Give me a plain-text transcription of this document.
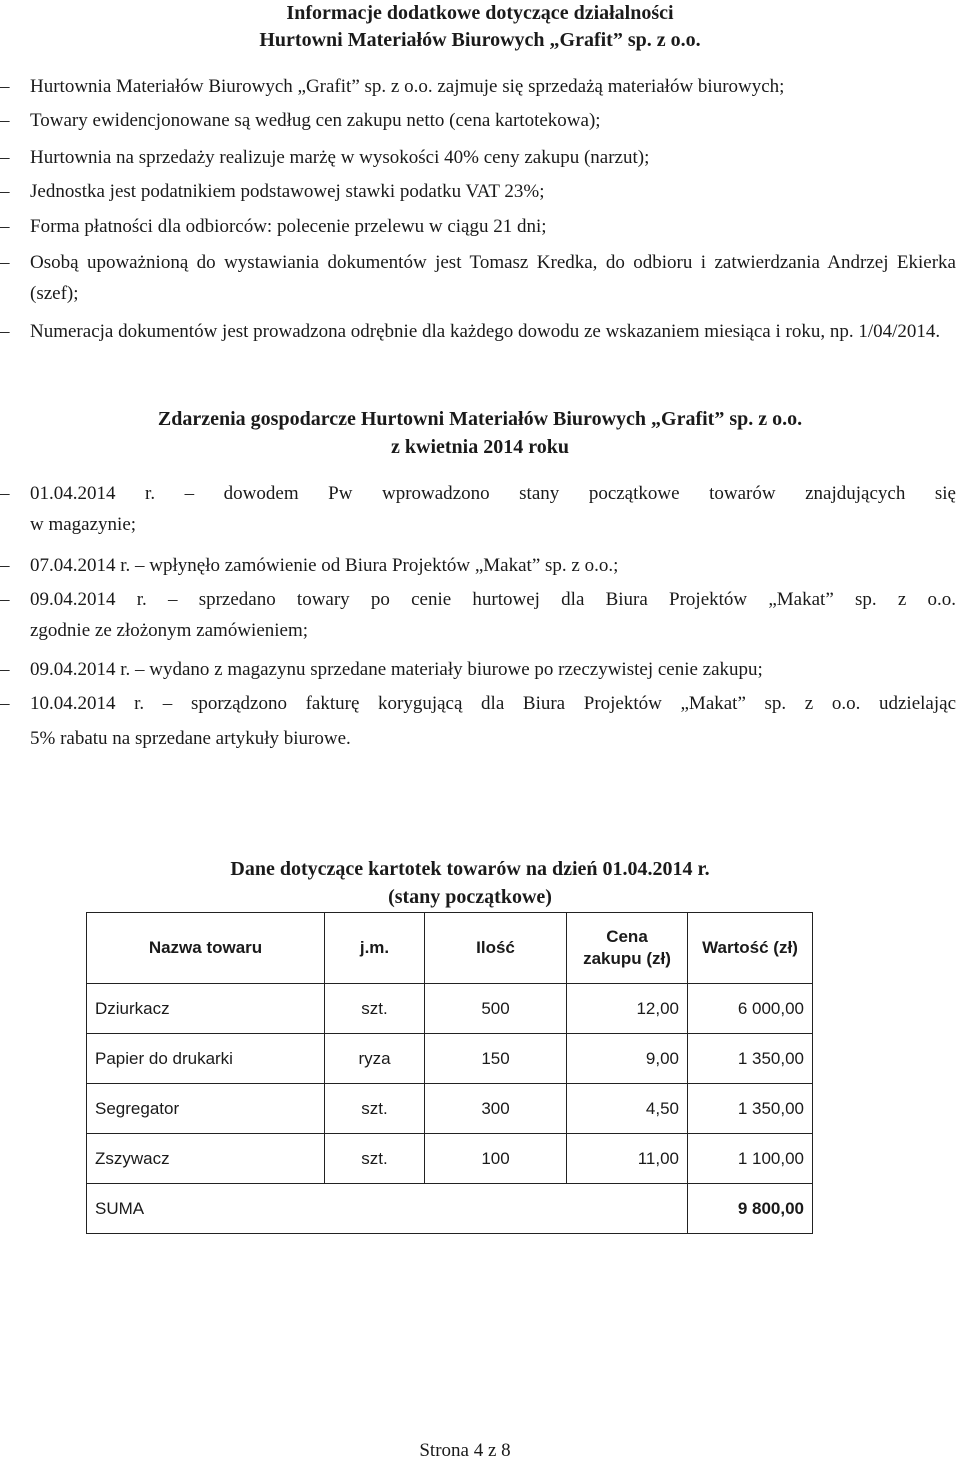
Informacje dodatkowe dotyczące działalności
Hurtowni Materiałów Biurowych „Grafit” sp. z o.o.
– Hurtownia Materiałów Biurowych „Grafit” sp. z o.o. zajmuje się sprzedażą materiałów biurowych;
– Towary ewidencjonowane są według cen zakupu netto (cena kartotekowa);
– Hurtownia na sprzedaży realizuje marżę w wysokości 40% ceny zakupu (narzut);
– Jednostka jest podatnikiem podstawowej stawki podatku VAT 23%;
– Forma płatności dla odbiorców: polecenie przelewu w ciągu 21 dni;
– Osobą upoważnioną do wystawiania dokumentów jest Tomasz Kredka, do odbioru i zatwierdzania Andrzej Ekierka (szef);
– Numeracja dokumentów jest prowadzona odrębnie dla każdego dowodu ze wskazaniem miesiąca i roku, np. 1/04/2014.
Zdarzenia gospodarcze Hurtowni Materiałów Biurowych „Grafit” sp. z o.o.
z kwietnia 2014 roku
– 01.04.2014 r. – dowodem Pw wprowadzono stany początkowe towarów znajdujących się
w magazynie;
– 07.04.2014 r. – wpłynęło zamówienie od Biura Projektów „Makat” sp. z o.o.;
– 09.04.2014 r. – sprzedano towary po cenie hurtowej dla Biura Projektów „Makat” sp. z o.o.
zgodnie ze złożonym zamówieniem;
– 09.04.2014 r. – wydano z magazynu sprzedane materiały biurowe po rzeczywistej cenie zakupu;
– 10.04.2014 r. – sporządzono fakturę korygującą dla Biura Projektów „Makat” sp. z o.o. udzielając
5% rabatu na sprzedane artykuły biurowe.
Dane dotyczące kartotek towarów na dzień 01.04.2014 r.
(stany początkowe)
Nazwa towaru	j.m.	Ilość	Cena zakupu (zł)	Wartość (zł)
Dziurkacz	szt.	500	12,00	6 000,00
Papier do drukarki	ryza	150	9,00	1 350,00
Segregator	szt.	300	4,50	1 350,00
Zszywacz	szt.	100	11,00	1 100,00
SUMA				9 800,00
Strona 4 z 8
